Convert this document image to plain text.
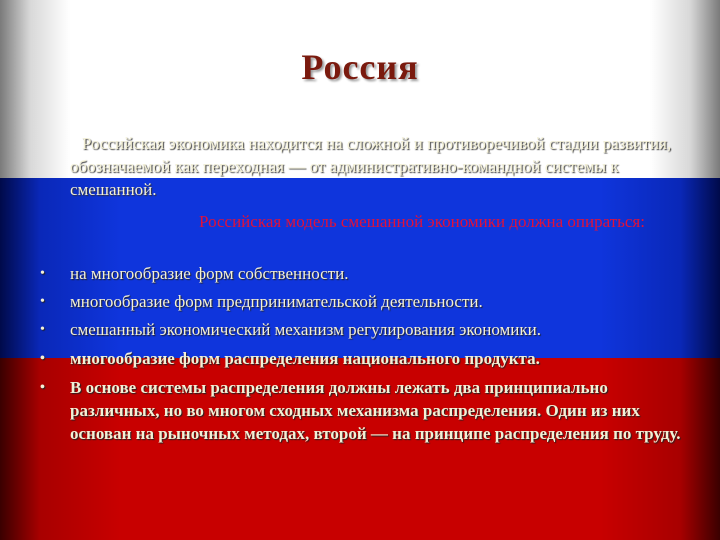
Россия

Российская экономика находится на сложной и противоречивой стадии развития, обозначаемой как переходная — от административно-командной системы к смешанной.

Российская модель смешанной экономики должна опираться:

• на многообразие форм собственности.
• многообразие форм предпринимательской деятельности.
• смешанный экономический механизм регулирования экономики.
• многообразие форм распределения национального продукта.
• В основе системы распределения должны лежать два принципиально различных, но во многом сходных механизма распределения. Один из них основан на рыночных методах, второй — на принципе распределения по труду.
